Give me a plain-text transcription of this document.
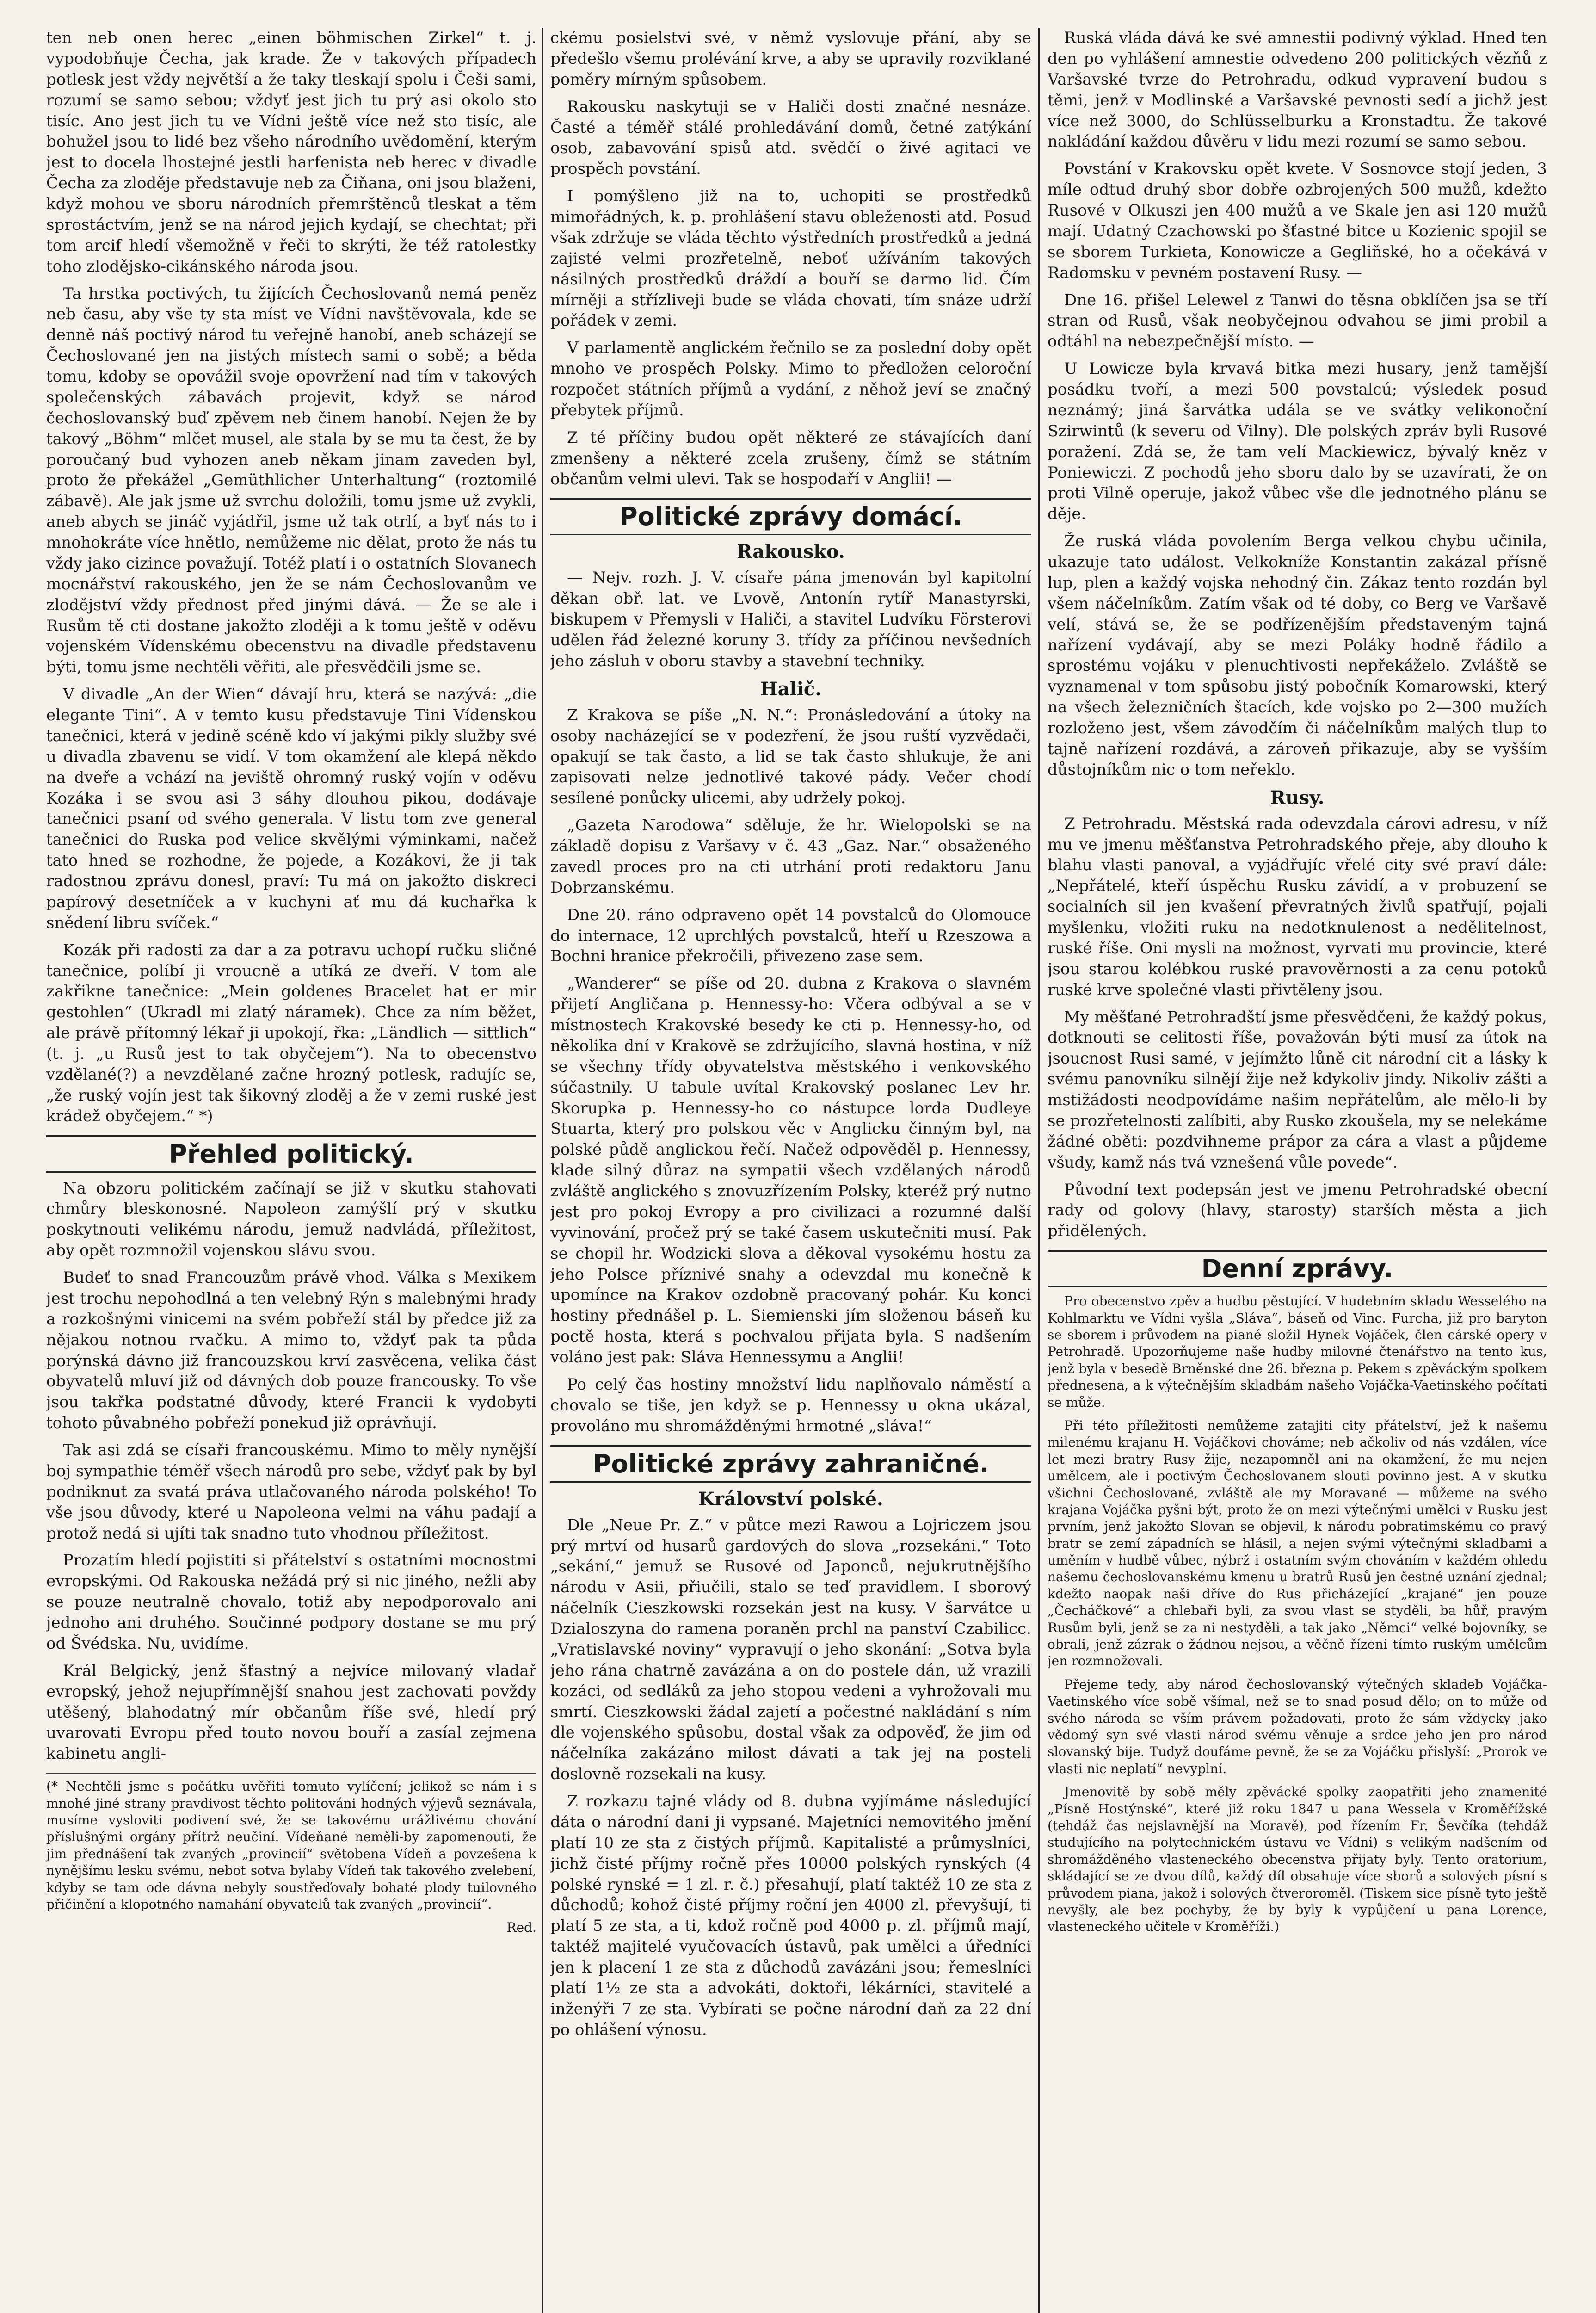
ten neb onen herec „einen böhmischen Zirkel“ t. j. vypodobňuje Čecha, jak krade. Že v takových případech potlesk jest vždy největší a že taky tleskají spolu i Češi sami, rozumí se samo sebou; vždyť jest jich tu prý asi okolo sto tisíc. Ano jest jich tu ve Vídni ještě více než sto tisíc, ale bohužel jsou to lidé bez všeho národního uvědomění, kterým jest to docela lhostejné jestli harfenista neb herec v divadle Čecha za zloděje představuje neb za Čiňana, oni jsou blaženi, když mohou ve sboru národních přemrštěnců tleskat a těm sprostáctvím, jenž se na národ jejich kydají, se chechtat; při tom arcif hledí všemožně v řeči to skrýti, že též ratolestky toho zlodějsko-cikánského národa jsou.

Ta hrstka poctivých, tu žijících Čechoslovanů nemá peněz neb času, aby vše ty sta míst ve Vídni navštěvovala, kde se denně náš poctivý národ tu veřejně hanobí, aneb scházejí se Čechoslované jen na jistých místech sami o sobě; a běda tomu, kdoby se opovážil svoje opovržení nad tím v takových společenských zábavách projevit, když se národ čechoslovanský buď zpěvem neb činem hanobí. Nejen že by takový „Böhm“ mlčet musel, ale stala by se mu ta čest, že by poroučaný bud vyhozen aneb někam jinam zaveden byl, proto že překážel „Gemüthlicher Unterhaltung“ (roztomilé zábavě). Ale jak jsme už svrchu doložili, tomu jsme už zvykli, aneb abych se jináč vyjádřil, jsme už tak otrlí, a byť nás to i mnohokráte více hnětlo, nemůžeme nic dělat, proto že nás tu vždy jako cizince považují. Totéž platí i o ostatních Slovanech mocnářství rakouského, jen že se nám Čechoslovanům ve zlodějství vždy přednost před jinými dává. — Že se ale i Rusům tě cti dostane jakožto zloději a k tomu ještě v oděvu vojenském Vídenskému obecenstvu na divadle představenu býti, tomu jsme nechtěli věřiti, ale přesvědčili jsme se.

V divadle „An der Wien“ dávají hru, která se nazývá: „die elegante Tini“. A v temto kusu představuje Tini Vídenskou tanečnici, která v jedině scéně kdo ví jakými pikly služby své u divadla zbavenu se vidí. V tom okamžení ale klepá někdo na dveře a vchází na jeviště ohromný ruský vojín v oděvu Kozáka i se svou asi 3 sáhy dlouhou pikou, dodávaje tanečnici psaní od svého generala. V listu tom zve general tanečnici do Ruska pod velice skvělými výminkami, načež tato hned se rozhodne, že pojede, a Kozákovi, že ji tak radostnou zprávu donesl, praví: Tu má on jakožto diskreci papírový desetníček a v kuchyni ať mu dá kuchařka k snědení libru svíček.“

Kozák při radosti za dar a za potravu uchopí ručku sličné tanečnice, políbí ji vroucně a utíká ze dveří. V tom ale zakřikne tanečnice: „Mein goldenes Bracelet hat er mir gestohlen“ (Ukradl mi zlatý náramek). Chce za ním běžet, ale právě přítomný lékař ji upokojí, řka: „Ländlich — sittlich“ (t. j. „u Rusů jest to tak obyčejem“). Na to obecenstvo vzdělané(?) a nevzdělané začne hrozný potlesk, radujíc se, „že ruský vojín jest tak šikovný zloděj a že v zemi ruské jest krádež obyčejem.“ *)

Přehled politický.

Na obzoru politickém začínají se již v skutku stahovati chmůry bleskonosné. Napoleon zamýšlí prý v skutku poskytnouti velikému národu, jemuž nadvládá, příležitost, aby opět rozmnožil vojenskou slávu svou.

Budeť to snad Francouzům právě vhod. Válka s Mexikem jest trochu nepohodlná a ten velebný Rýn s malebnými hrady a rozkošnými vinicemi na svém pobřeží stál by předce již za nějakou notnou rvačku. A mimo to, vždyť pak ta půda porýnská dávno již francouzskou krví zasvěcena, velika část obyvatelů mluví již od dávných dob pouze francousky. To vše jsou takřka podstatné důvody, které Francii k vydobyti tohoto půvabného pobřeží ponekud již oprávňují.

Tak asi zdá se císaři francouskému. Mimo to měly nynější boj sympathie téměř všech národů pro sebe, vždyť pak by byl podniknut za svatá práva utlačovaného národa polského! To vše jsou důvody, které u Napoleona velmi na váhu padají a protož nedá si ujíti tak snadno tuto vhodnou příležitost.

Prozatím hledí pojistiti si přátelství s ostatními mocnostmi evropskými. Od Rakouska nežádá prý si nic jiného, nežli aby se pouze neutralně chovalo, totiž aby nepodporovalo ani jednoho ani druhého. Součinné podpory dostane se mu prý od Švédska. Nu, uvidíme.

Král Belgický, jenž šťastný a nejvíce milovaný vladař evropský, jehož nejupřímnější snahou jest zachovati povždy utěšený, blahodatný mír občanům říše své, hledí prý uvarovati Evropu před touto novou bouří a zasíal zejmena kabinetu angli-

(* Nechtěli jsme s počátku uvěřiti tomuto vylíčení; jelikož se nám i s mnohé jiné strany pravdivost těchto politováni hodných výjevů seznávala, musíme vysloviti podivení své, že se takovému urážlivému chování příslušnými orgány přítrž neučiní. Vídeňané neměli-by zapomenouti, že jim přednášení tak zvaných „provincií“ světobena Vídeň a povzešena k nynějšímu lesku svému, nebot sotva bylaby Vídeň tak takového zvelebení, kdyby se tam ode dávna nebyly soustřeďovaly bohaté plody tuilovného přičinění a klopotného namahání obyvatelů tak zvaných „provincií“.

Red.

ckému posielstvi své, v němž vyslovuje přání, aby se předešlo všemu prolévání krve, a aby se upravily rozviklané poměry mírným spůsobem.

Rakousku naskytuji se v Haliči dosti značné nesnáze. Časté a téměř stálé prohledávání domů, četné zatýkání osob, zabavování spisů atd. svědčí o živé agitaci ve prospěch povstání.

I pomýšleno již na to, uchopiti se prostředků mimořádných, k. p. prohlášení stavu obleženosti atd. Posud však zdržuje se vláda těchto výstředních prostředků a jedná zajisté velmi prozřetelně, neboť užíváním takových násilných prostředků dráždí a bouří se darmo lid. Čím mírněji a střízliveji bude se vláda chovati, tím snáze udrží pořádek v zemi.

V parlamentě anglickém řečnilo se za poslední doby opět mnoho ve prospěch Polsky. Mimo to předložen celoroční rozpočet státních příjmů a vydání, z něhož jeví se značný přebytek příjmů.

Z té příčiny budou opět některé ze stávajících daní zmenšeny a některé zcela zrušeny, čímž se státním občanům velmi ulevi. Tak se hospodaří v Anglii! —

Politické zprávy domácí.
Rakousko.

— Nejv. rozh. J. V. císaře pána jmenován byl kapitolní děkan obř. lat. ve Lvově, Antonín rytíř Manastyrski, biskupem v Přemysli v Haliči, a stavitel Ludvíku Försterovi udělen řád železné koruny 3. třídy za příčinou nevšedních jeho zásluh v oboru stavby a stavební techniky.

Halič.

Z Krakova se píše „N. N.“: Pronásledování a útoky na osoby nacházející se v podezření, že jsou ruští vyzvědači, opakují se tak často, a lid se tak často shlukuje, že ani zapisovati nelze jednotlivé takové pády. Večer chodí sesílené ponůcky ulicemi, aby udržely pokoj.

„Gazeta Narodowa“ sděluje, že hr. Wielopolski se na základě dopisu z Varšavy v č. 43 „Gaz. Nar.“ obsaženého zavedl proces pro na cti utrhání proti redaktoru Janu Dobrzanskému.

Dne 20. ráno odpraveno opět 14 povstalců do Olomouce do internace, 12 uprchlých povstalců, hteří u Rzeszowa a Bochni hranice překročili, přivezeno zase sem.

„Wanderer“ se píše od 20. dubna z Krakova o slavném přijetí Angličana p. Hennessy-ho: Včera odbýval a se v místnostech Krakovské besedy ke cti p. Hennessy-ho, od několika dní v Krakově se zdržujícího, slavná hostina, v níž se všechny třídy obyvatelstva městského i venkovského súčastnily. U tabule uvítal Krakovský poslanec Lev hr. Skorupka p. Hennessy-ho co nástupce lorda Dudleye Stuarta, který pro polskou věc v Anglicku činným byl, na polské půdě anglickou řečí. Načež odpověděl p. Hennessy, klade silný důraz na sympatii všech vzdělaných národů zvláště anglického s znovuzřízením Polsky, kteréž prý nutno jest pro pokoj Evropy a pro civilizaci a rozumné další vyvinování, pročež prý se také časem uskutečniti musí. Pak se chopil hr. Wodzicki slova a děkoval vysokému hostu za jeho Polsce příznivé snahy a odevzdal mu konečně k upomínce na Krakov ozdobně pracovaný pohár. Ku konci hostiny přednášel p. L. Siemienski jím složenou báseň ku poctě hosta, která s pochvalou přijata byla. S nadšením voláno jest pak: Sláva Hennessymu a Anglii!

Po celý čas hostiny množství lidu naplňovalo náměstí a chovalo se tiše, jen když se p. Hennessy u okna ukázal, provoláno mu shromážděnými hrmotné „sláva!“

Politické zprávy zahraničné.
Království polské.

Dle „Neue Pr. Z.“ v půtce mezi Rawou a Lojriczem jsou prý mrtví od husarů gardových do slova „rozsekáni.“ Toto „sekání,“ jemuž se Rusové od Japonců, nejukrutnějšího národu v Asii, přiučili, stalo se teď pravidlem. I sborový náčelník Cieszkowski rozsekán jest na kusy. V šarvátce u Dzialoszyna do ramena poraněn prchl na panství Czabilicc. „Vratislavské noviny“ vypravují o jeho skonání: „Sotva byla jeho rána chatrně zavázána a on do postele dán, už vrazili kozáci, od sedláků za jeho stopou vedeni a vyhrožovali mu smrtí. Cieszkowski žádal zajetí a počestné nakládání s ním dle vojenského spůsobu, dostal však za odpověď, že jim od náčelníka zakázáno milost dávati a tak jej na posteli doslovně rozsekali na kusy.

Z rozkazu tajné vlády od 8. dubna vyjímáme následující dáta o národní dani ji vypsané. Majetníci nemovitého jmění platí 10 ze sta z čistých příjmů. Kapitalisté a průmyslníci, jichž čisté příjmy ročně přes 10000 polských rynských (4 polské rynské = 1 zl. r. č.) přesahují, platí taktéž 10 ze sta z důchodů; kohož čisté příjmy roční jen 4000 zl. převyšují, ti platí 5 ze sta, a ti, kdož ročně pod 4000 p. zl. příjmů mají, taktéž majitelé vyučovacích ústavů, pak umělci a úředníci jen k placení 1 ze sta z důchodů zavázáni jsou; řemeslníci platí 1½ ze sta a advokáti, doktoři, lékárníci, stavitelé a inženýři 7 ze sta. Vybírati se počne národní daň za 22 dní po ohlášení výnosu.

Ruská vláda dává ke své amnestii podivný výklad. Hned ten den po vyhlášení amnestie odvedeno 200 politických vězňů z Varšavské tvrze do Petrohradu, odkud vypravení budou s těmi, jenž v Modlinské a Varšavské pevnosti sedí a jichž jest více než 3000, do Schlüsselburku a Kronstadtu. Že takové nakládání každou důvěru v lidu mezi rozumí se samo sebou.

Povstání v Krakovsku opět kvete. V Sosnovce stojí jeden, 3 míle odtud druhý sbor dobře ozbrojených 500 mužů, kdežto Rusové v Olkuszi jen 400 mužů a ve Skale jen asi 120 mužů mají. Udatný Czachowski po šťastné bitce u Kozienic spojil se se sborem Turkieta, Konowicze a Gegliňské, ho a očekává v Radomsku v pevném postavení Rusy. —

Dne 16. přišel Lelewel z Tanwi do těsna obklíčen jsa se tří stran od Rusů, však neobyčejnou odvahou se jimi probil a odtáhl na nebezpečnější místo. —

U Lowicze byla krvavá bitka mezi husary, jenž tamější posádku tvoří, a mezi 500 povstalcú; výsledek posud neznámý; jiná šarvátka udála se ve svátky velikonoční Szirwintů (k severu od Vilny). Dle polských zpráv byli Rusové poražení. Zdá se, že tam velí Mackiewicz, bývalý kněz v Poniewiczi. Z pochodů jeho sboru dalo by se uzavírati, že on proti Vilně operuje, jakož vůbec vše dle jednotného plánu se děje.

Že ruská vláda povolením Berga velkou chybu učinila, ukazuje tato událost. Velkokníže Konstantin zakázal přísně lup, plen a každý vojska nehodný čin. Zákaz tento rozdán byl všem náčelníkům. Zatím však od té doby, co Berg ve Varšavě velí, stává se, že se podřízenějším představeným tajná nařízení vydávají, aby se mezi Poláky hodně řádilo a sprostému vojáku v plenuchtivosti nepřekáželo. Zvláště se vyznamenal v tom spůsobu jistý pobočník Komarowski, který na všech železničních štacích, kde vojsko po 2—300 mužích rozloženo jest, všem závodčím či náčelníkům malých tlup to tajně nařízení rozdává, a zároveň přikazuje, aby se vyšším důstojníkům nic o tom neřeklo.

Rusy.

Z Petrohradu. Městská rada odevzdala cárovi adresu, v níž mu ve jmenu měšťanstva Petrohradského přeje, aby dlouho k blahu vlasti panoval, a vyjádřujíc vřelé city své praví dále: „Nepřátelé, kteří úspěchu Rusku závidí, a v probuzení se socialních sil jen kvašení převratných živlů spatřují, pojali myšlenku, vložiti ruku na nedotknulenost a nedělitelnost, ruské říše. Oni mysli na možnost, vyrvati mu provincie, které jsou starou kolébkou ruské pravověrnosti a za cenu potoků ruské krve společné vlasti přivtěleny jsou.

My měšťané Petrohradští jsme přesvědčeni, že každý pokus, dotknouti se celitosti říše, považován býti musí za útok na jsoucnost Rusi samé, v jejímžto lůně cit národní cit a lásky k svému panovníku silnějí žije než kdykoliv jindy. Nikoliv zášti a mstižádosti neodpovídáme našim nepřátelům, ale mělo-li by se prozřetelnosti zalíbiti, aby Rusko zkoušela, my se nelekáme žádné oběti: pozdvihneme prápor za cára a vlast a půjdeme všudy, kamž nás tvá vznešená vůle povede“.

Původní text podepsán jest ve jmenu Petrohradské obecní rady od golovy (hlavy, starosty) starších města a jich přidělených.

Denní zprávy.

Pro obecenstvo zpěv a hudbu pěstující. V hudebním skladu Wesselého na Kohlmarktu ve Vídni vyšla „Sláva“, báseň od Vinc. Furcha, již pro baryton se sborem i průvodem na piané složil Hynek Vojáček, člen cárské opery v Petrohradě. Upozorňujeme naše hudby milovné čtenářstvo na tento kus, jenž byla v besedě Brněnské dne 26. března p. Pekem s zpěváckým spolkem přednesena, a k výtečnějším skladbám našeho Vojáčka-Vaetinského počítati se může.

Při této příležitosti nemůžeme zatajiti city přátelství, jež k našemu milenému krajanu H. Vojáčkovi chováme; neb ačkoliv od nás vzdálen, více let mezi bratry Rusy žije, nezapomněl ani na okamžení, že mu nejen umělcem, ale i poctivým Čechoslovanem slouti povinno jest. A v skutku všichni Čechoslované, zvláště ale my Moravané — můžeme na svého krajana Vojáčka pyšni být, proto že on mezi výtečnými umělci v Rusku jest prvním, jenž jakožto Slovan se objevil, k národu pobratimskému co pravý bratr se zemí západních se hlásil, a nejen svými výtečnými skladbami a uměním v hudbě vůbec, nýbrž i ostatním svým chováním v každém ohledu našemu čechoslovanskému kmenu u bratrů Rusů jen čestné uznání zjednal; kdežto naopak naši dříve do Rus přicházející „krajané“ jen pouze „Čecháčkové“ a chlebaři byli, za svou vlast se styděli, ba hůř, pravým Rusům byli, jenž se za ni nestyděli, a tak jako „Němci“ velké bojovníky, se obrali, jenž zázrak o žádnou nejsou, a věčně řízeni tímto ruským umělcům jen rozmnožovali.

Přejeme tedy, aby národ čechoslovanský výtečných skladeb Vojáčka-Vaetinského více sobě všímal, než se to snad posud dělo; on to může od svého národa se vším právem požadovati, proto že sám vždycky jako vědomý syn své vlasti národ svému věnuje a srdce jeho jen pro národ slovanský bije. Tudyž doufáme pevně, že se za Vojáčku přislyší: „Prorok ve vlasti nic neplatí“ nevyplní.

Jmenovitě by sobě měly zpěvácké spolky zaopatřiti jeho znamenité „Písně Hostýnské“, které již roku 1847 u pana Wessela v Kroměřížské (tehdáž čas nejslavnější na Moravě), pod řízením Fr. Ševčíka (tehdáž studujícího na polytechnickém ústavu ve Vídni) s velikým nadšením od shromážděného vlasteneckého obecenstva přijaty byly. Tento oratorium, skládající se ze dvou dílů, každý díl obsahuje více sborů a solových písní s průvodem piana, jakož i solových čtveroroměl. (Tiskem sice písně tyto ještě nevyšly, ale bez pochyby, že by byly k vypůjčení u pana Lorence, vlasteneckého učitele v Kroměříži.)
